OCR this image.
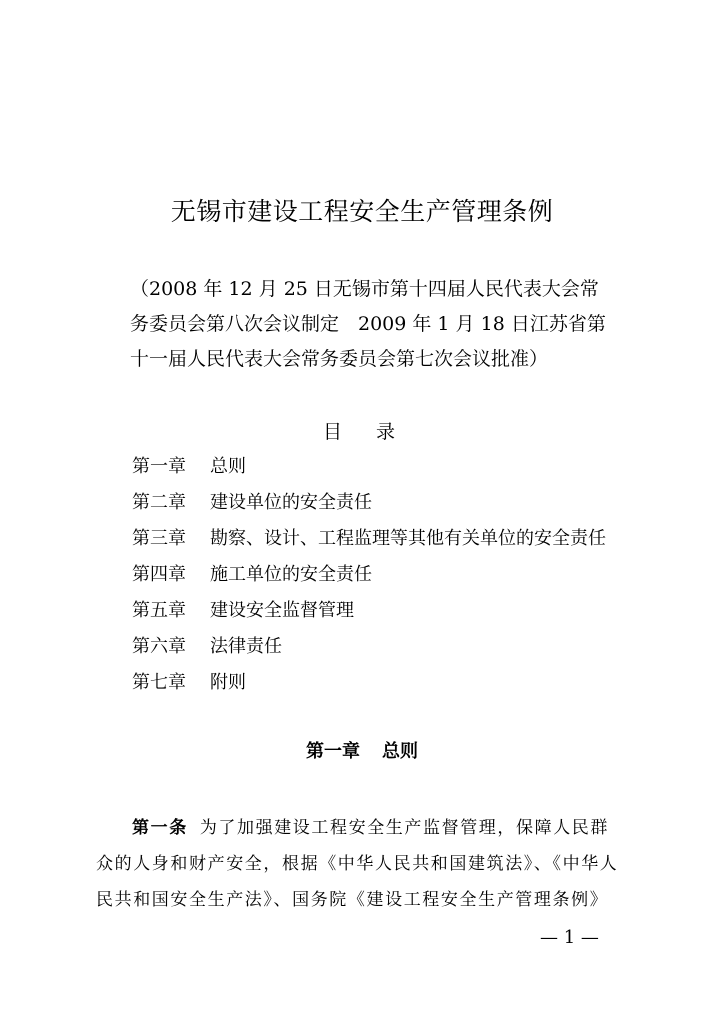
无锡市建设工程安全生产管理条例
（2008 年 12 月 25 日无锡市第十四届人民代表大会常
务委员会第八次会议制定　2009 年 1 月 18 日江苏省第
十一届人民代表大会常务委员会第七次会议批准）
目录
第一章 总则
第二章 建设单位的安全责任
第三章 勘察、设计、工程监理等其他有关单位的安全责任
第四章 施工单位的安全责任
第五章 建设安全监督管理
第六章 法律责任
第七章 附则
第一章 总则
第一条 为了加强建设工程安全生产监督管理，保障人民群
众的人身和财产安全，根据《中华人民共和国建筑法》、《中华人
民共和国安全生产法》、国务院《建设工程安全生产管理条例》
— 1 —
